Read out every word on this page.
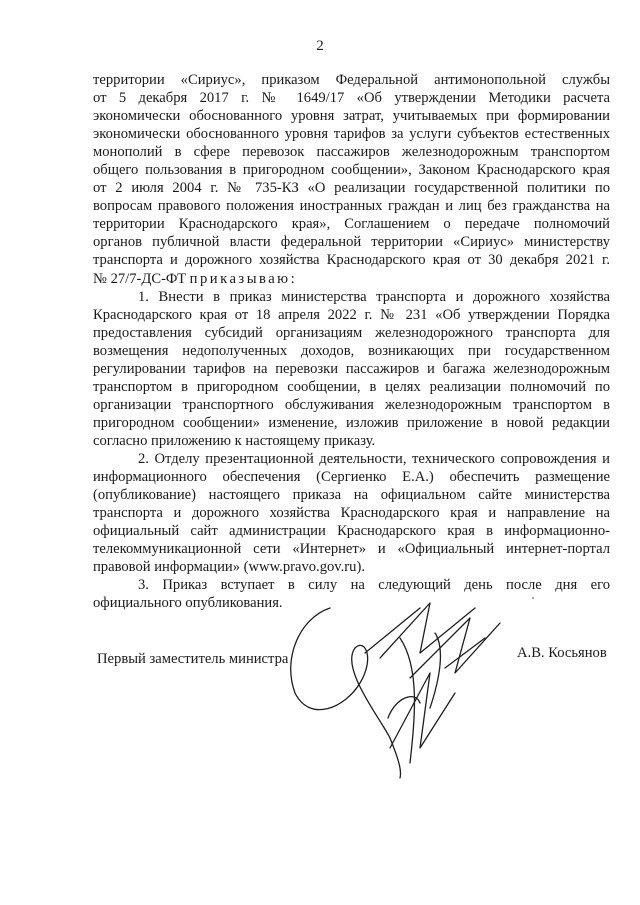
2
территории «Сириус», приказом Федеральной антимонопольной службы
от 5 декабря 2017 г. № 1649/17 «Об утверждении Методики расчета
экономически обоснованного уровня затрат, учитываемых при формировании
экономически обоснованного уровня тарифов за услуги субъектов естественных
монополий в сфере перевозок пассажиров железнодорожным транспортом
общего пользования в пригородном сообщении», Законом Краснодарского края
от 2 июля 2004 г. № 735-КЗ «О реализации государственной политики по
вопросам правового положения иностранных граждан и лиц без гражданства на
территории Краснодарского края», Соглашением о передаче полномочий
органов публичной власти федеральной территории «Сириус» министерству
транспорта и дорожного хозяйства Краснодарского края от 30 декабря 2021 г.
№ 27/7-ДС-ФТ приказываю:
1. Внести в приказ министерства транспорта и дорожного хозяйства
Краснодарского края от 18 апреля 2022 г. № 231 «Об утверждении Порядка
предоставления субсидий организациям железнодорожного транспорта для
возмещения недополученных доходов, возникающих при государственном
регулировании тарифов на перевозки пассажиров и багажа железнодорожным
транспортом в пригородном сообщении, в целях реализации полномочий по
организации транспортного обслуживания железнодорожным транспортом в
пригородном сообщении» изменение, изложив приложение в новой редакции
согласно приложению к настоящему приказу.
2. Отделу презентационной деятельности, технического сопровождения и
информационного обеспечения (Сергиенко Е.А.) обеспечить размещение
(опубликование) настоящего приказа на официальном сайте министерства
транспорта и дорожного хозяйства Краснодарского края и направление на
официальный сайт администрации Краснодарского края в информационно-
телекоммуникационной сети «Интернет» и «Официальный интернет-портал
правовой информации» (www.pravo.gov.ru).
3. Приказ вступает в силу на следующий день после дня его
официального опубликования.
Первый заместитель министра	А.В. Косьянов
